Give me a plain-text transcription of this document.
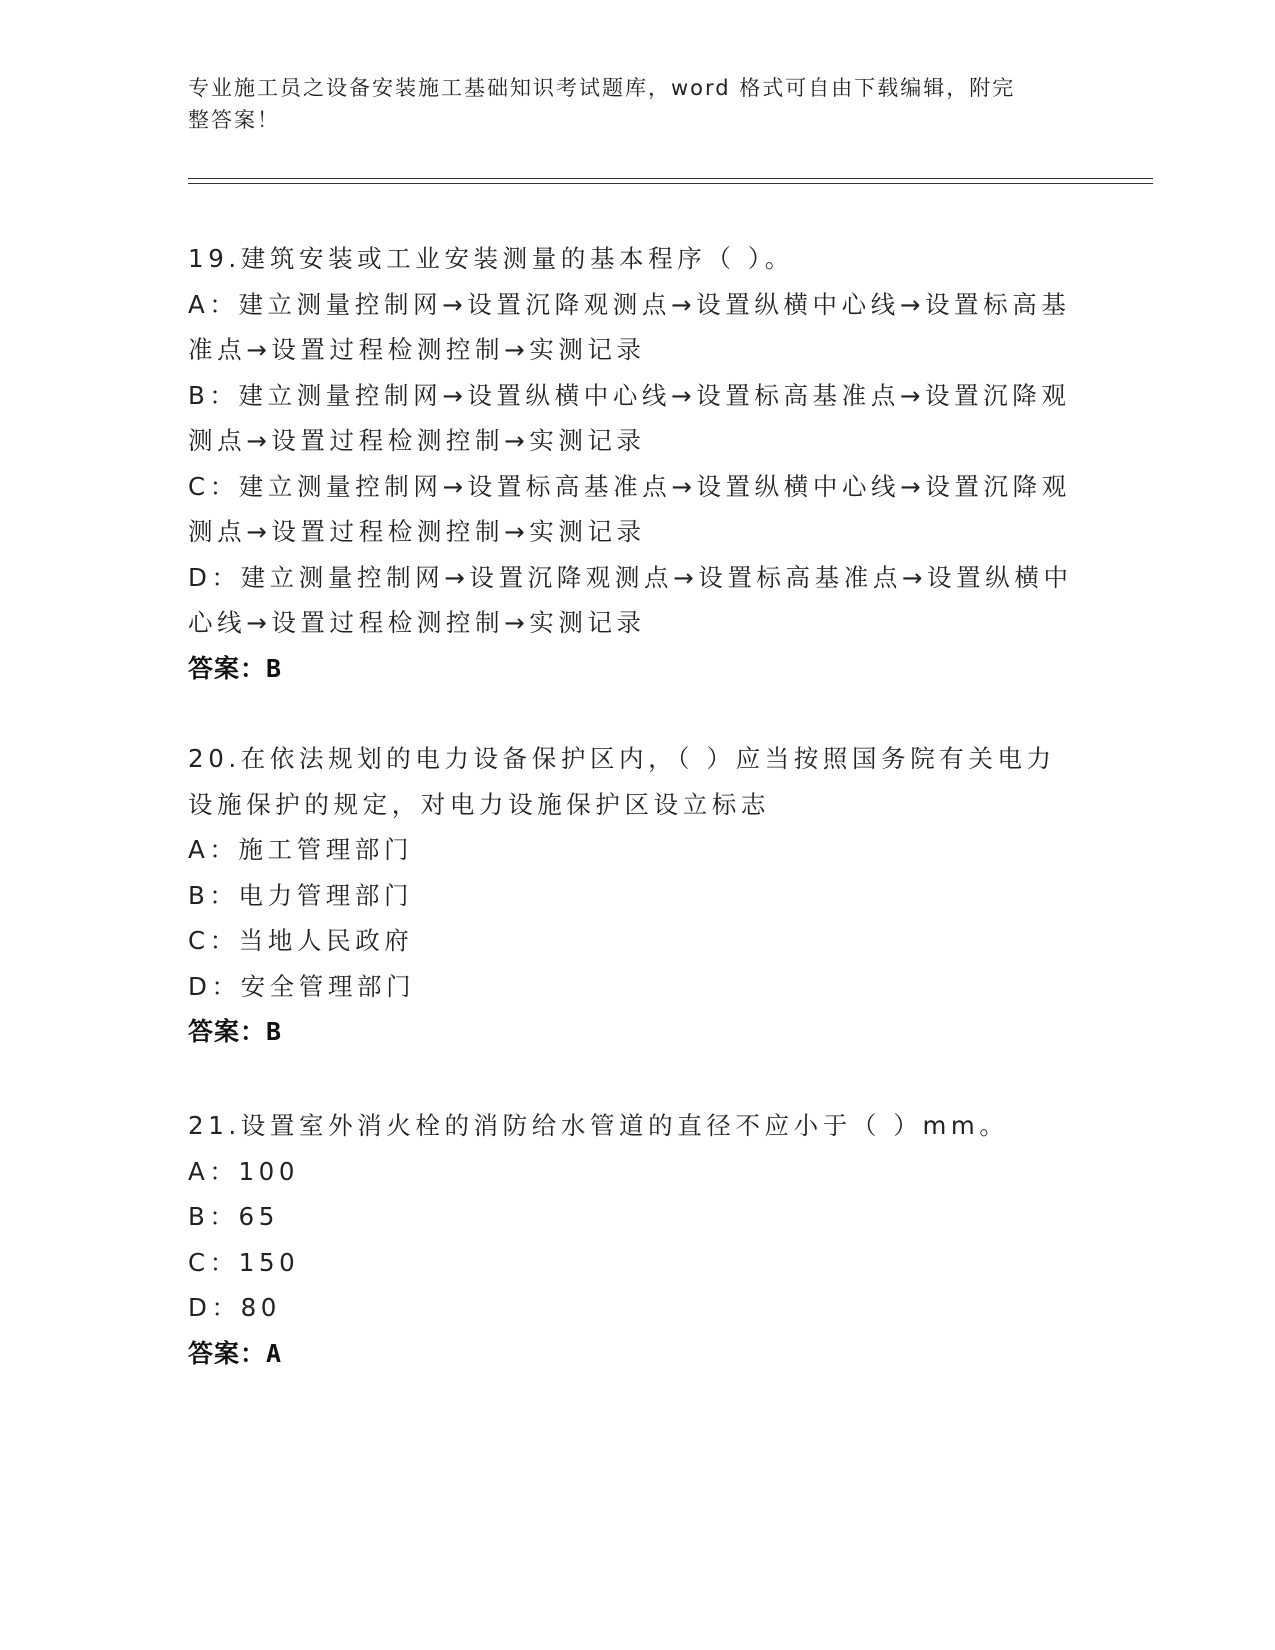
专业施工员之设备安装施工基础知识考试题库，word 格式可自由下载编辑，附完
整答案！
19.建筑安装或工业安装测量的基本程序（ ）。
A：建立测量控制网→设置沉降观测点→设置纵横中心线→设置标高基
准点→设置过程检测控制→实测记录
B：建立测量控制网→设置纵横中心线→设置标高基准点→设置沉降观
测点→设置过程检测控制→实测记录
C：建立测量控制网→设置标高基准点→设置纵横中心线→设置沉降观
测点→设置过程检测控制→实测记录
D：建立测量控制网→设置沉降观测点→设置标高基准点→设置纵横中
心线→设置过程检测控制→实测记录
答案：B
20.在依法规划的电力设备保护区内，（ ）应当按照国务院有关电力
设施保护的规定，对电力设施保护区设立标志
A：施工管理部门
B：电力管理部门
C：当地人民政府
D：安全管理部门
答案：B
21.设置室外消火栓的消防给水管道的直径不应小于（ ）mm。
A：100
B：65
C：150
D：80
答案：A
